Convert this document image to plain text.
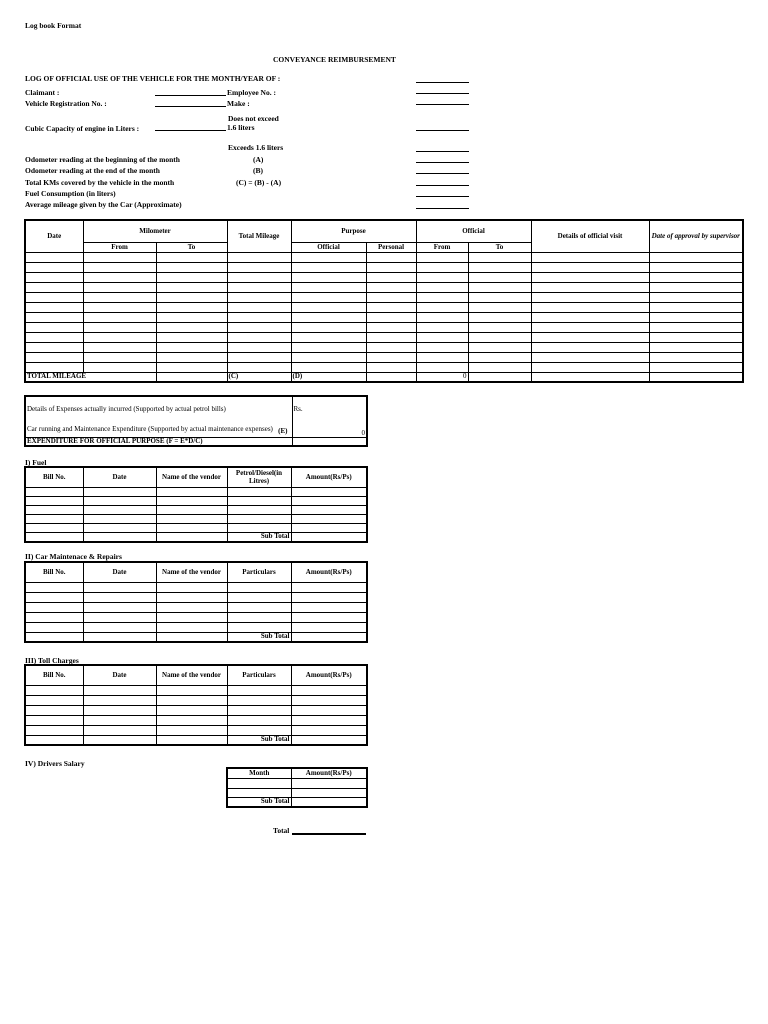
Log book Format
CONVEYANCE REIMBURSEMENT
LOG OF OFFICIAL USE OF THE VEHICLE FOR THE MONTH/YEAR OF :
Claimant :	Employee No. :
Vehicle Registration No. :	Make :
Does not exceed
1.6 liters
Cubic Capacity of engine in Liters :
Exceeds 1.6 liters
Odometer reading at the beginning of the month	(A)
Odometer reading at the end of the month	(B)
Total KMs covered by the vehicle in the month	(C) = (B) - (A)
Fuel Consumption (in liters)
Average mileage given by the Car (Approximate)
Date	Milometer		Total Mileage	Purpose		Official		Details of official visit	Date of approval by supervisor
	From	To		Official	Personal	From	To		

TOTAL MILEAGE			(C)	(D)		0			
Details of Expenses actually incurred (Supported by actual petrol bills)	Rs.
Car running and Maintenance Expenditure (Supported by actual maintenance expenses) (E)	0
EXPENDITURE FOR OFFICIAL PURPOSE (F = E*D/C)	
I) Fuel
Bill No.	Date	Name of the vendor	Petrol/Diesel(in Litres)	Amount(Rs/Ps)

			Sub Total	
II) Car Maintenace & Repairs
Bill No.	Date	Name of the vendor	Particulars	Amount(Rs/Ps)

			Sub Total	
III) Toll Charges
Bill No.	Date	Name of the vendor	Particulars	Amount(Rs/Ps)

			Sub Total	
IV) Drivers Salary
Month	Amount(Rs/Ps)

Sub Total	
Total
